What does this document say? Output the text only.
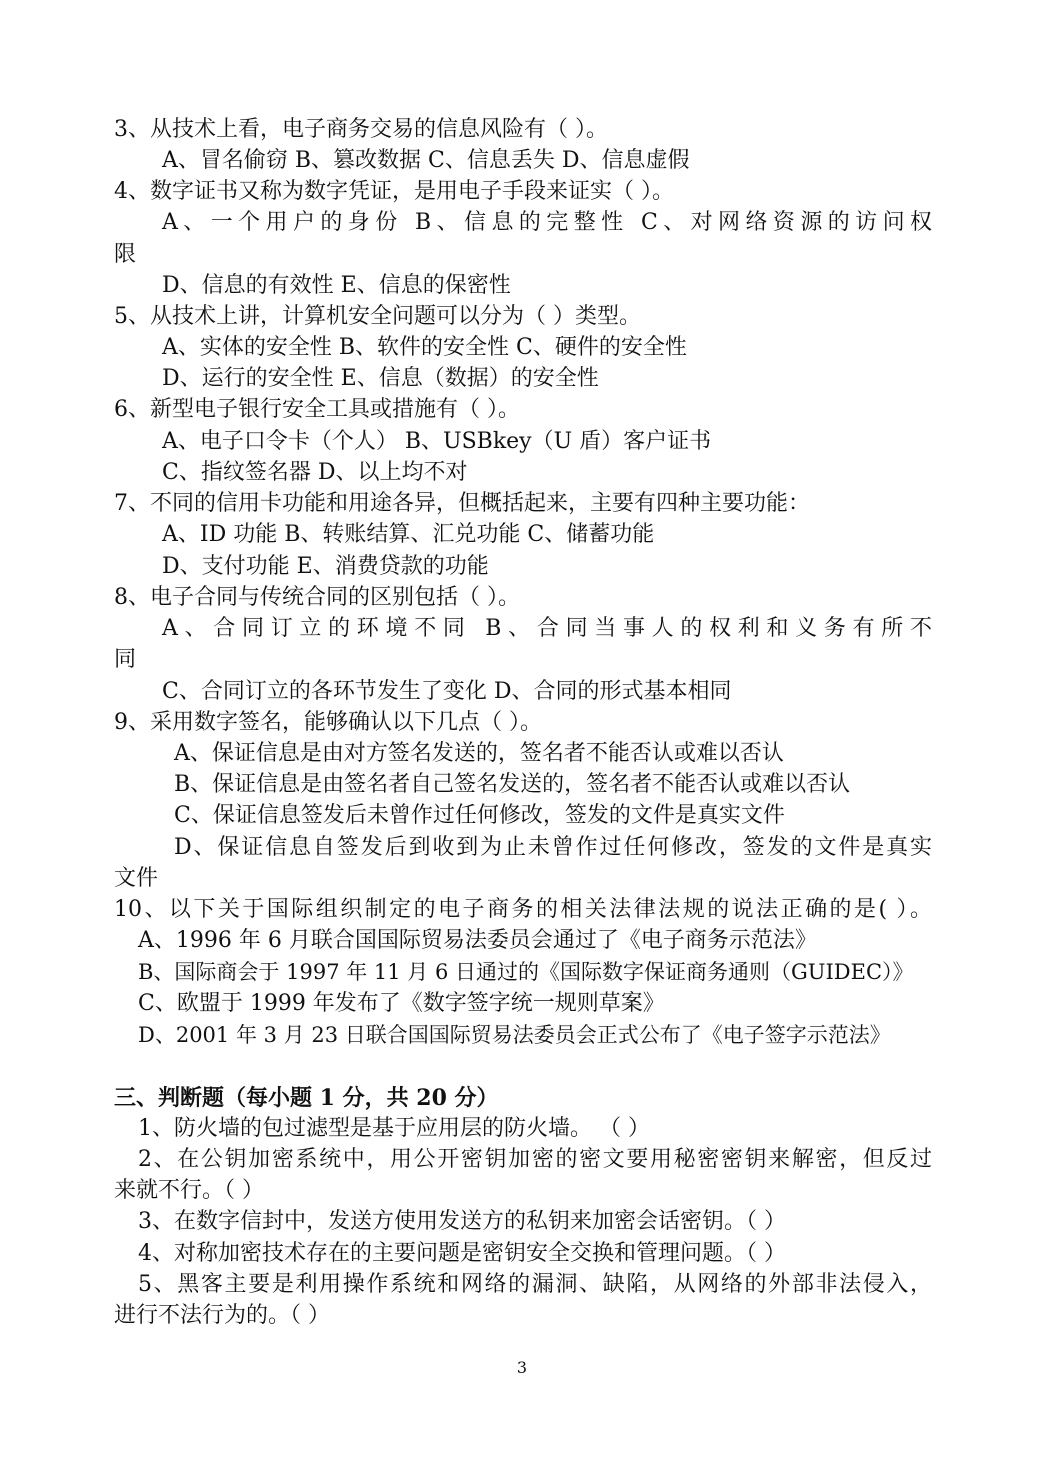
3、从技术上看，电子商务交易的信息风险有（ ）。
A、冒名偷窃 B、篡改数据 C、信息丢失 D、信息虚假
4、数字证书又称为数字凭证，是用电子手段来证实（ ）。
A、一个用户的身份 B、信息的完整性 C、对网络资源的访问权
限
D、信息的有效性 E、信息的保密性
5、从技术上讲，计算机安全问题可以分为（ ）类型。
A、实体的安全性 B、软件的安全性 C、硬件的安全性
D、运行的安全性 E、信息（数据）的安全性
6、新型电子银行安全工具或措施有（ ）。
A、电子口令卡（个人） B、USBkey（U 盾）客户证书
C、指纹签名器 D、以上均不对
7、不同的信用卡功能和用途各异，但概括起来，主要有四种主要功能：
A、ID 功能 B、转账结算、汇兑功能 C、储蓄功能
D、支付功能 E、消费贷款的功能
8、电子合同与传统合同的区别包括（ ）。
A、合同订立的环境不同 B、合同当事人的权利和义务有所不
同
C、合同订立的各环节发生了变化 D、合同的形式基本相同
9、采用数字签名，能够确认以下几点（ ）。
A、保证信息是由对方签名发送的，签名者不能否认或难以否认
B、保证信息是由签名者自己签名发送的，签名者不能否认或难以否认
C、保证信息签发后未曾作过任何修改，签发的文件是真实文件
D、保证信息自签发后到收到为止未曾作过任何修改，签发的文件是真实
文件
10、以下关于国际组织制定的电子商务的相关法律法规的说法正确的是( ）。
A、1996 年 6 月联合国国际贸易法委员会通过了《电子商务示范法》
B、国际商会于 1997 年 11 月 6 日通过的《国际数字保证商务通则（GUIDEC）》
C、欧盟于 1999 年发布了《数字签字统一规则草案》
D、2001 年 3 月 23 日联合国国际贸易法委员会正式公布了《电子签字示范法》
三、判断题（每小题 1 分，共 20 分）
1、防火墙的包过滤型是基于应用层的防火墙。 （ ）
2、在公钥加密系统中，用公开密钥加密的密文要用秘密密钥来解密，但反过
来就不行。（ ）
3、在数字信封中，发送方使用发送方的私钥来加密会话密钥。（ ）
4、对称加密技术存在的主要问题是密钥安全交换和管理问题。（ ）
5、黑客主要是利用操作系统和网络的漏洞、缺陷，从网络的外部非法侵入，
进行不法行为的。（ ）
3
